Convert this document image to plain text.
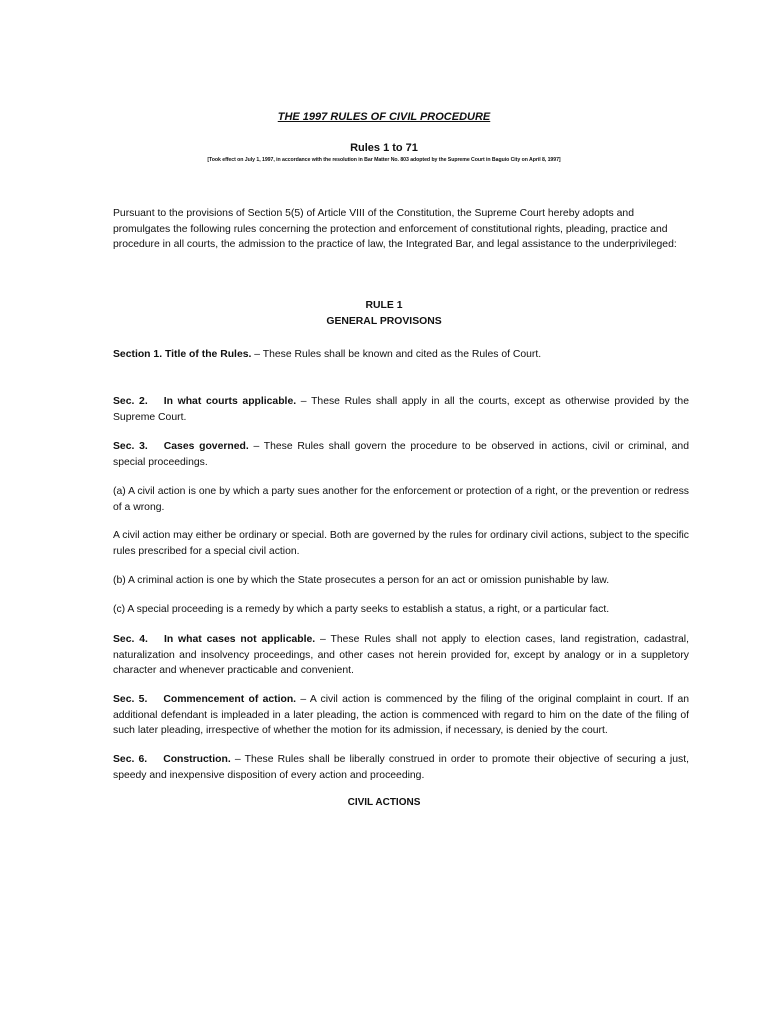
THE 1997 RULES OF CIVIL PROCEDURE
Rules 1 to 71
[Took effect on July 1, 1997, in accordance with the resolution in Bar Matter No. 803 adopted by the Supreme Court in Baguio City on April 8, 1997]

Pursuant to the provisions of Section 5(5) of Article VIII of the Constitution, the Supreme Court hereby adopts and promulgates the following rules concerning the protection and enforcement of constitutional rights, pleading, practice and procedure in all courts, the admission to the practice of law, the Integrated Bar, and legal assistance to the underprivileged:

RULE 1
GENERAL PROVISONS

Section 1. Title of the Rules. – These Rules shall be known and cited as the Rules of Court.

Sec. 2. In what courts applicable. – These Rules shall apply in all the courts, except as otherwise provided by the Supreme Court.

Sec. 3. Cases governed. – These Rules shall govern the procedure to be observed in actions, civil or criminal, and special proceedings.

(a) A civil action is one by which a party sues another for the enforcement or protection of a right, or the prevention or redress of a wrong.

A civil action may either be ordinary or special. Both are governed by the rules for ordinary civil actions, subject to the specific rules prescribed for a special civil action.

(b) A criminal action is one by which the State prosecutes a person for an act or omission punishable by law.

(c) A special proceeding is a remedy by which a party seeks to establish a status, a right, or a particular fact.

Sec. 4. In what cases not applicable. – These Rules shall not apply to election cases, land registration, cadastral, naturalization and insolvency proceedings, and other cases not herein provided for, except by analogy or in a suppletory character and whenever practicable and convenient.

Sec. 5. Commencement of action. – A civil action is commenced by the filing of the original complaint in court. If an additional defendant is impleaded in a later pleading, the action is commenced with regard to him on the date of the filing of such later pleading, irrespective of whether the motion for its admission, if necessary, is denied by the court.

Sec. 6. Construction. – These Rules shall be liberally construed in order to promote their objective of securing a just, speedy and inexpensive disposition of every action and proceeding.

CIVIL ACTIONS
